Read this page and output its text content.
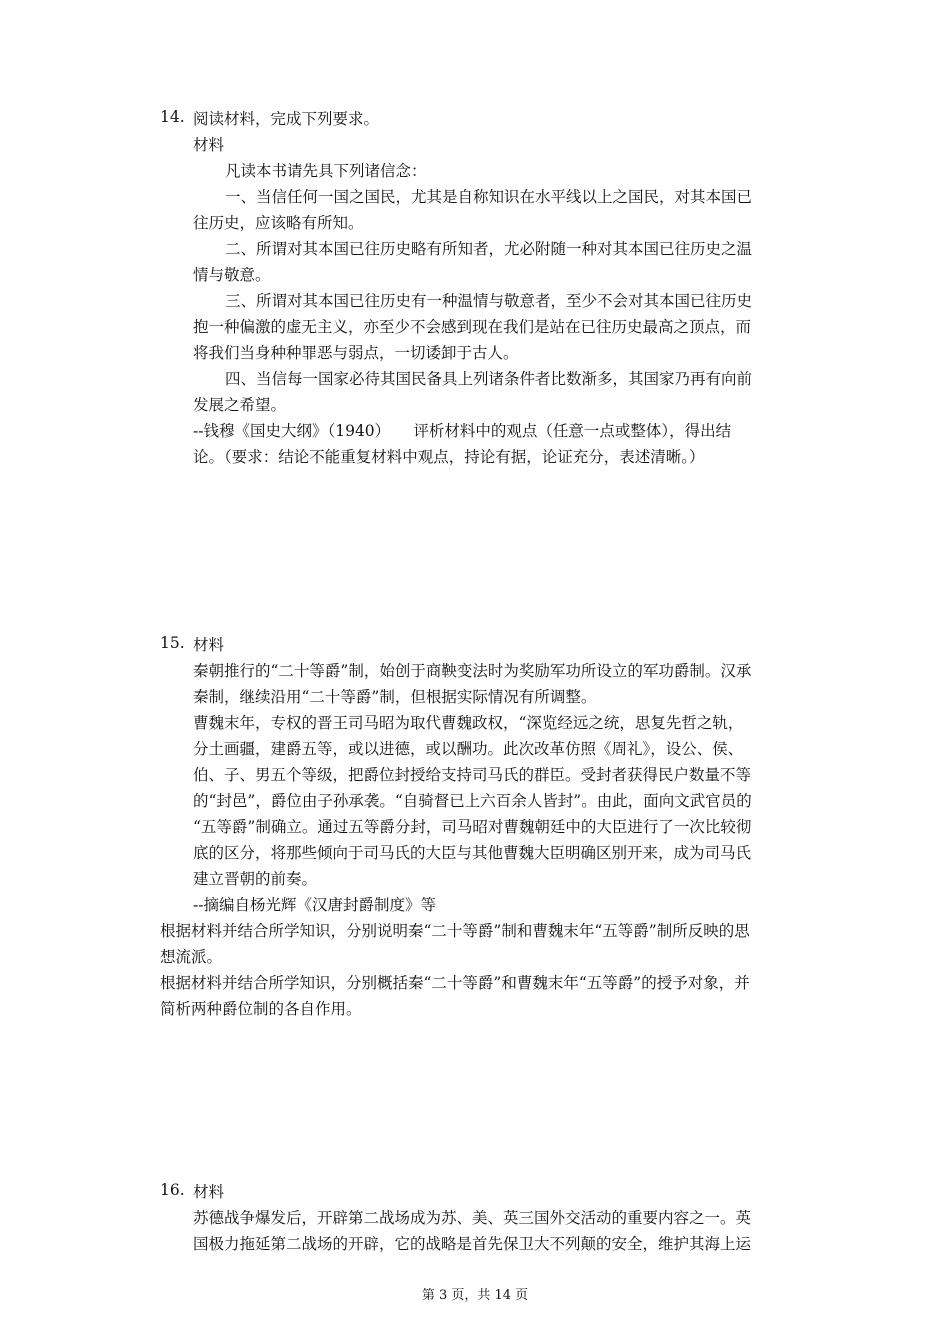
14. 阅读材料，完成下列要求。
材料
凡读本书请先具下列诸信念：
一、当信任何一国之国民，尤其是自称知识在水平线以上之国民，对其本国已
往历史，应该略有所知。
二、所谓对其本国已往历史略有所知者，尤必附随一种对其本国已往历史之温
情与敬意。
三、所谓对其本国已往历史有一种温情与敬意者，至少不会对其本国已往历史
抱一种偏激的虚无主义，亦至少不会感到现在我们是站在已往历史最高之顶点，而
将我们当身种种罪恶与弱点，一切诿卸于古人。
四、当信每一国家必待其国民备具上列诸条件者比数渐多，其国家乃再有向前
发展之希望。
--钱穆《国史大纲》（1940）　　评析材料中的观点（任意一点或整体），得出结
论。（要求：结论不能重复材料中观点，持论有据，论证充分，表述清晰。）
15. 材料
秦朝推行的“二十等爵”制，始创于商鞅变法时为奖励军功所设立的军功爵制。汉承
秦制，继续沿用“二十等爵”制，但根据实际情况有所调整。
曹魏末年，专权的晋王司马昭为取代曹魏政权，“深览经远之统，思复先哲之轨，
分土画疆，建爵五等，或以进德，或以酬功。此次改革仿照《周礼》，设公、侯、
伯、子、男五个等级，把爵位封授给支持司马氏的群臣。受封者获得民户数量不等
的“封邑”，爵位由子孙承袭。“自骑督已上六百余人皆封”。由此，面向文武官员的
“五等爵”制确立。通过五等爵分封，司马昭对曹魏朝廷中的大臣进行了一次比较彻
底的区分，将那些倾向于司马氏的大臣与其他曹魏大臣明确区别开来，成为司马氏
建立晋朝的前奏。
--摘编自杨光辉《汉唐封爵制度》等
根据材料并结合所学知识，分别说明秦“二十等爵”制和曹魏末年“五等爵”制所反映的思
想流派。
根据材料并结合所学知识，分别概括秦“二十等爵”和曹魏末年“五等爵”的授予对象，并
简析两种爵位制的各自作用。
16. 材料
苏德战争爆发后，开辟第二战场成为苏、美、英三国外交活动的重要内容之一。英
国极力拖延第二战场的开辟，它的战略是首先保卫大不列颠的安全，维护其海上运
第 3 页，共 14 页
